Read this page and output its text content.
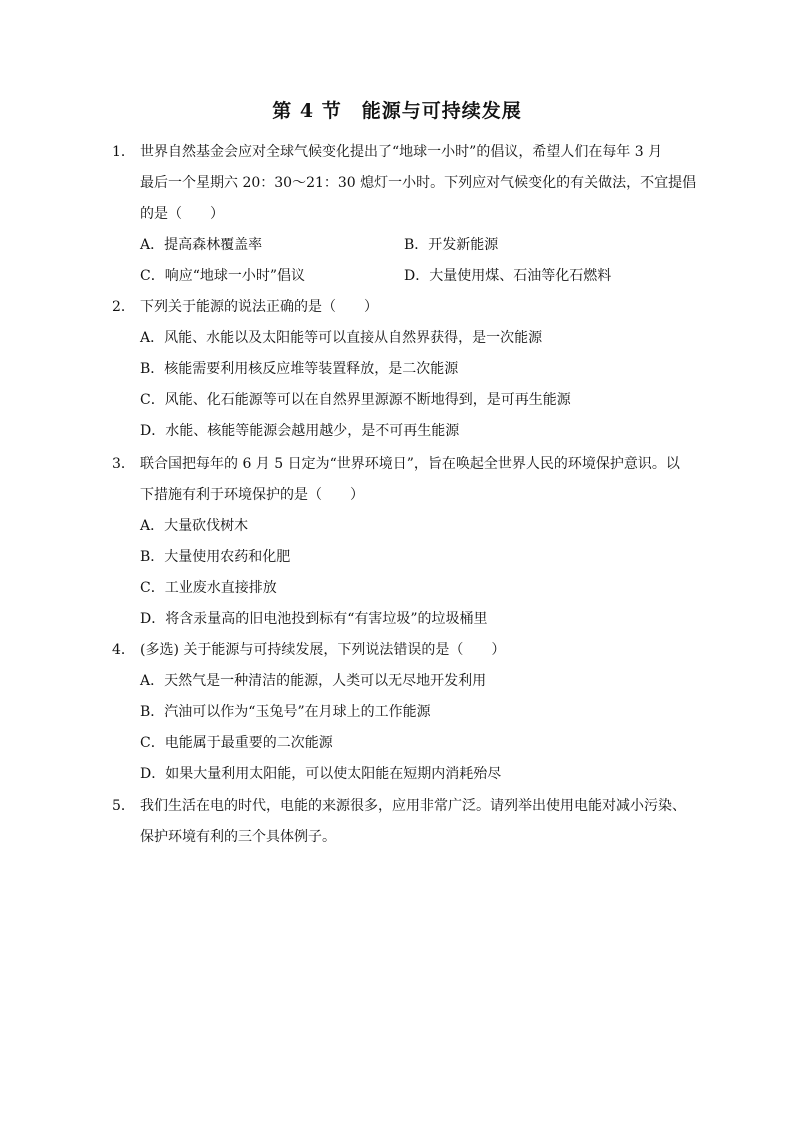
第 4 节　能源与可持续发展
1． 世界自然基金会应对全球气候变化提出了“地球一小时”的倡议，希望人们在每年 3 月
最后一个星期六 20：30～21：30 熄灯一小时。下列应对气候变化的有关做法，不宜提倡
的是（　　）
A．提高森林覆盖率	B．开发新能源
C．响应“地球一小时”倡议	D．大量使用煤、石油等化石燃料
2． 下列关于能源的说法正确的是（　　）
A．风能、水能以及太阳能等可以直接从自然界获得，是一次能源
B．核能需要利用核反应堆等装置释放，是二次能源
C．风能、化石能源等可以在自然界里源源不断地得到，是可再生能源
D．水能、核能等能源会越用越少，是不可再生能源
3． 联合国把每年的 6 月 5 日定为“世界环境日”，旨在唤起全世界人民的环境保护意识。以
下措施有利于环境保护的是（　　）
A．大量砍伐树木
B．大量使用农药和化肥
C．工业废水直接排放
D．将含汞量高的旧电池投到标有“有害垃圾”的垃圾桶里
4． (多选) 关于能源与可持续发展，下列说法错误的是（　　）
A．天然气是一种清洁的能源，人类可以无尽地开发利用
B．汽油可以作为“玉兔号”在月球上的工作能源
C．电能属于最重要的二次能源
D．如果大量利用太阳能，可以使太阳能在短期内消耗殆尽
5． 我们生活在电的时代，电能的来源很多，应用非常广泛。请列举出使用电能对减小污染、
保护环境有利的三个具体例子。
